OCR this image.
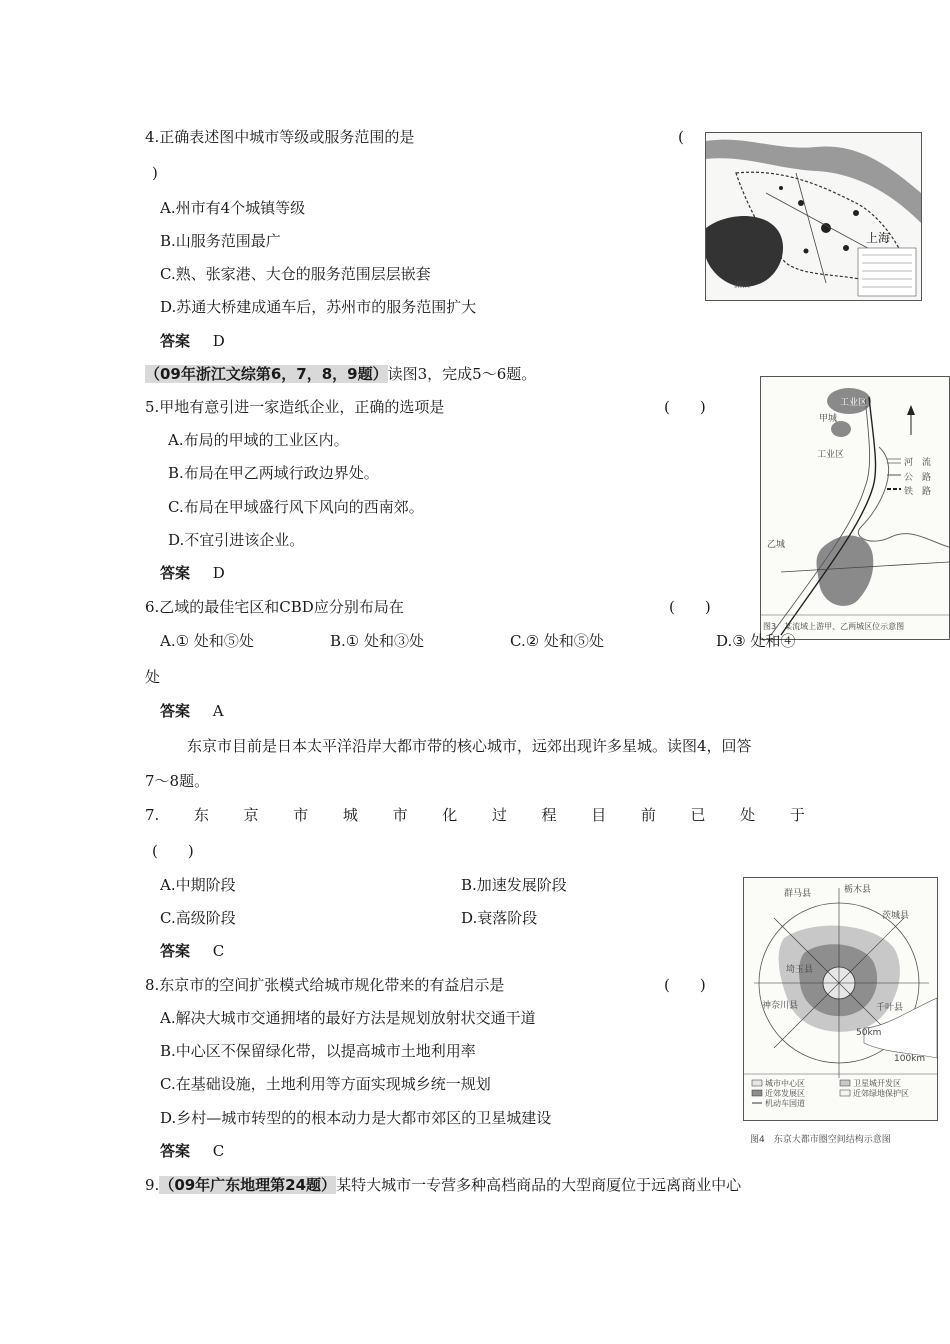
4.正确表述图中城市等级或服务范围的是	(
)
A.州市有4个城镇等级
B.山服务范围最广
C.熟、张家港、大仓的服务范围层层嵌套
D.苏通大桥建成通车后，苏州市的服务范围扩大
答案 D
上海
湖泊
（09年浙江文综第6，7，8，9题）读图3，完成5～6题。
5.甲地有意引进一家造纸企业，正确的选项是	(　　)
A.布局的甲域的工业区内。
B.布局在甲乙两域行政边界处。
C.布局在甲域盛行风下风向的西南郊。
D.不宜引进该企业。
答案 D
工业区
甲城
工业区
乙城
河　流
公　路
铁　路
图3　某流域上游甲、乙两城区位示意图
6.乙域的最佳宅区和CBD应分别布局在	(　　)
A.① 处和⑤处	B.① 处和③处	C.② 处和⑤处	D.③ 处和④
处
答案 A
东京市目前是日本太平洋沿岸大都市带的核心城市，远郊出现许多星城。读图4，回答
7～8题。
7. 东 京 市 城 市 化 过 程 目 前 已 处 于
(　　)
A.中期阶段	B.加速发展阶段
C.高级阶段	D.衰落阶段
答案 C
群马县	栃木县
茨城县
埼玉县
神奈川县	千叶县
50km
100km
城市中心区	卫星城开发区
近郊发展区	近郊绿地保护区
机动车国道
图4　东京大都市圈空间结构示意图
8.东京市的空间扩张模式给城市规化带来的有益启示是	(　　)
A.解决大城市交通拥堵的最好方法是规划放射状交通干道
B.中心区不保留绿化带，以提高城市土地利用率
C.在基础设施，土地利用等方面实现城乡统一规划
D.乡村—城市转型的的根本动力是大都市郊区的卫星城建设
答案 C
9.（09年广东地理第24题）某特大城市一专营多种高档商品的大型商厦位于远离商业中心
